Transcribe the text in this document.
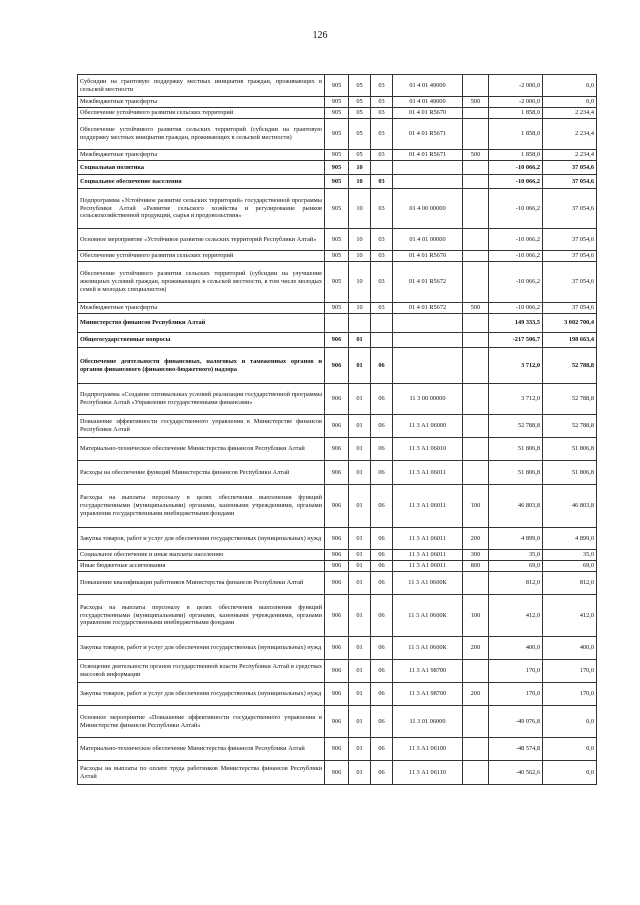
126
Субсидии на грантовую поддержку местных инициатив граждан, проживающих в сельской местности	905	05	03	01 4 01 49000		-2 000,0	0,0
Межбюджетные трансферты	905	05	03	01 4 01 49000	500	-2 000,0	0,0
Обеспечение устойчивого развития сельских территорий	905	05	03	01 4 01 R5670		1 858,0	2 234,4
Обеспечение устойчивого развития сельских территорий (субсидии на грантовую поддержку местных инициатив граждан, проживающих в сельской местности)	905	05	03	01 4 01 R5671		1 858,0	2 234,4
Межбюджетные трансферты	905	05	03	01 4 01 R5671	500	1 858,0	2 234,4
Социальная политика	905	10				-10 066,2	37 054,6
Социальное обеспечение населения	905	10	03			-10 066,2	37 054,6
Подпрограмма «Устойчивое развитие сельских территорий» государственной программы Республики Алтай «Развитие сельского хозяйства и регулирование рынков сельскохозяйственной продукции, сырья и продовольствия»	905	10	03	01 4 00 00000		-10 066,2	37 054,6
Основное мероприятие «Устойчивое развитие сельских территорий Республики Алтай»	905	10	03	01 4 01 00000		-10 066,2	37 054,6
Обеспечение устойчивого развития сельских территорий	905	10	03	01 4 01 R5670		-10 066,2	37 054,6
Обеспечение устойчивого развития сельских территорий (субсидии на улучшение жилищных условий граждан, проживающих в сельской местности, в том числе молодых семей и молодых специалистов)	905	10	03	01 4 01 R5672		-10 066,2	37 054,6
Межбюджетные трансферты	905	10	03	01 4 01 R5672	500	-10 066,2	37 054,6
Министерство финансов Республики Алтай						149 333,5	3 002 700,4
Общегосударственные вопросы	906	01				-217 506,7	198 663,4
Обеспечение деятельности финансовых, налоговых и таможенных органов и органов финансового (финансово-бюджетного) надзора	906	01	06			3 712,0	52 788,8
Подпрограмма «Создание оптимальных условий реализации государственной программы Республики Алтай «Управление государственными финансами»	906	01	06	11 3 00 00000		3 712,0	52 788,8
Повышение эффективности государственного управления в Министерстве финансов Республики Алтай	906	01	06	11 3 А1 06000		52 788,8	52 788,8
Материально-техническое обеспечение Министерства финансов Республики Алтай	906	01	06	11 3 А1 06010		51 806,8	51 806,8
Расходы на обеспечение функций Министерства финансов Республики Алтай	906	01	06	11 3 А1 06011		51 806,8	51 806,8
Расходы на выплаты персоналу в целях обеспечения выполнения функций государственными (муниципальными) органами, казенными учреждениями, органами управления государственными внебюджетными фондами	906	01	06	11 3 А1 06011	100	46 803,8	46 803,8
Закупка товаров, работ и услуг для обеспечения государственных (муниципальных) нужд	906	01	06	11 3 А1 06011	200	4 899,0	4 899,0
Социальное обеспечение и иные выплаты населению	906	01	06	11 3 А1 06011	300	35,0	35,0
Иные бюджетные ассигнования	906	01	06	11 3 А1 06011	800	69,0	69,0
Повышение квалификации работников Министерства финансов Республики Алтай	906	01	06	11 3 А1 0600К		812,0	812,0
Расходы на выплаты персоналу в целях обеспечения выполнения функций государственными (муниципальными) органами, казенными учреждениями, органами управления государственными внебюджетными фондами	906	01	06	11 3 А1 0600К	100	412,0	412,0
Закупка товаров, работ и услуг для обеспечения государственных (муниципальных) нужд	906	01	06	11 3 А1 0600К	200	400,0	400,0
Освещение деятельности органов государственной власти Республики Алтай в средствах массовой информации	906	01	06	11 3 А1 98700		170,0	170,0
Закупка товаров, работ и услуг для обеспечения государственных (муниципальных) нужд	906	01	06	11 3 А1 98700	200	170,0	170,0
Основное мероприятие «Повышение эффективности государственного управления в Министерстве финансов Республики Алтай»	906	01	06	11 3 01 06000		-49 076,8	0,0
Материально-техническое обеспечение Министерства финансов Республики Алтай	906	01	06	11 3 А1 06100		-48 574,8	0,0
Расходы на выплаты по оплате труда работников Министерства финансов Республики Алтай	906	01	06	11 3 А1 06110		-40 562,6	0,0
